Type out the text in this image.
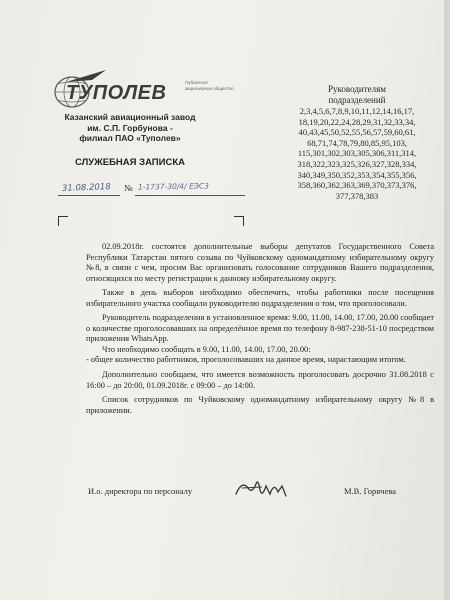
ТУПОЛЕВ	Публичное акционерное общество
Казанский авиационный завод
им. С.П. Горбунова -
филиал ПАО «Туполев»
СЛУЖЕБНАЯ ЗАПИСКА
31.08.2018 № 1-1737-30/4/ ЕЭС3
Руководителям
подразделений
2,3,4,5,6,7,8,9,10,11,12,14,16,17,
18,19,20,22,24,28,29,31,32,33,34,
40,43,45,50,52,55,56,57,59,60,61,
68,71,74,78,79,80,85,95,103,
115,301,302,303,305,306,311,314,
318,322,323,325,326,327,328,334,
340,349,350,352,353,354,355,356,
358,360,362,363,369,370,373,376,
377,378,383

02.09.2018г. состоятся дополнительные выборы депутатов Государственного Совета Республики Татарстан пятого созыва по Чуйковскому одномандатному избирательному округу №8, в связи с чем, просим Вас организовать голосование сотрудников Вашего подразделения, относящихся по месту регистрации к данному избирательному округу.

Также в день выборов необходимо обеспечить, чтобы работники после посещения избирательного участка сообщали руководителю подразделения о том, что проголосовали.

Руководитель подразделения в установленное время: 9.00, 11.00, 14.00, 17.00, 20.00 сообщает о количестве проголосовавших на определённое время по телефону 8-987-238-51-10 посредством приложения WhatsApp.

Что необходимо сообщать в 9.00, 11.00, 14.00, 17.00, 20.00:

- общее количество работников, проголосовавших на данное время, нарастающим итогом.

Дополнительно сообщаем, что имеется возможность проголосовать досрочно 31.08.2018 с 16:00 – до 20:00, 01.09.2018г. с 09:00 – до 14:00.

Список сотрудников по Чуйковскому одномандатному избирательному округу №8 в приложении.

И.о. директора по персоналу	М.В. Горячева
